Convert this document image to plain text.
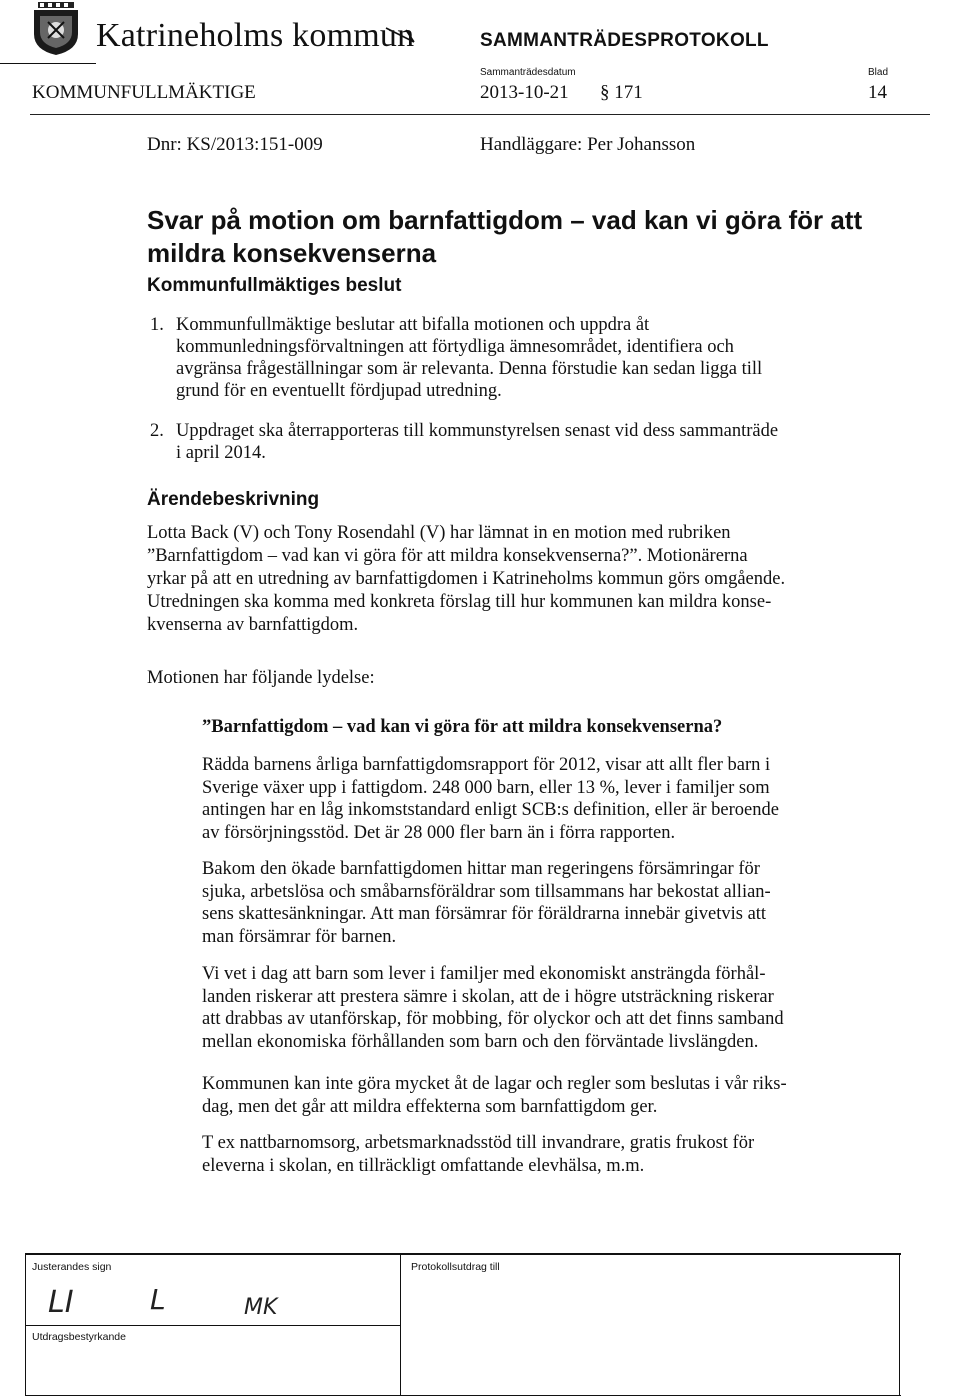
Katrineholms kommun	SAMMANTRÄDESPROTOKOLL
Sammanträdesdatum	Blad
KOMMUNFULLMÄKTIGE	2013-10-21 § 171	14
Dnr: KS/2013:151-009	Handläggare: Per Johansson
Svar på motion om barnfattigdom – vad kan vi göra för att mildra konsekvenserna
Kommunfullmäktiges beslut
1. Kommunfullmäktige beslutar att bifalla motionen och uppdra åt
kommunledningsförvaltningen att förtydliga ämnesområdet, identifiera och
avgränsa frågeställningar som är relevanta. Denna förstudie kan sedan ligga till
grund för en eventuellt fördjupad utredning.
2. Uppdraget ska återrapporteras till kommunstyrelsen senast vid dess sammanträde
i april 2014.
Ärendebeskrivning
Lotta Back (V) och Tony Rosendahl (V) har lämnat in en motion med rubriken
”Barnfattigdom – vad kan vi göra för att mildra konsekvenserna?”. Motionärerna
yrkar på att en utredning av barnfattigdomen i Katrineholms kommun görs omgående.
Utredningen ska komma med konkreta förslag till hur kommunen kan mildra konse-
kvenserna av barnfattigdom.
Motionen har följande lydelse:
”Barnfattigdom – vad kan vi göra för att mildra konsekvenserna?
Rädda barnens årliga barnfattigdomsrapport för 2012, visar att allt fler barn i
Sverige växer upp i fattigdom. 248 000 barn, eller 13 %, lever i familjer som
antingen har en låg inkomststandard enligt SCB:s definition, eller är beroende
av försörjningsstöd. Det är 28 000 fler barn än i förra rapporten.
Bakom den ökade barnfattigdomen hittar man regeringens försämringar för
sjuka, arbetslösa och småbarnsföräldrar som tillsammans har bekostat allian-
sens skattesänkningar. Att man försämrar för föräldrarna innebär givetvis att
man försämrar för barnen.
Vi vet i dag att barn som lever i familjer med ekonomiskt ansträngda förhål-
landen riskerar att prestera sämre i skolan, att de i högre utsträckning riskerar
att drabbas av utanförskap, för mobbing, för olyckor och att det finns samband
mellan ekonomiska förhållanden som barn och den förväntade livslängden.
Kommunen kan inte göra mycket åt de lagar och regler som beslutas i vår riks-
dag, men det går att mildra effekterna som barnfattigdom ger.
T ex nattbarnomsorg, arbetsmarknadsstöd till invandrare, gratis frukost för
eleverna i skolan, en tillräckligt omfattande elevhälsa, m.m.
Justerandes sign
Utdragsbestyrkande
LI	L	MK
Protokollsutdrag till
